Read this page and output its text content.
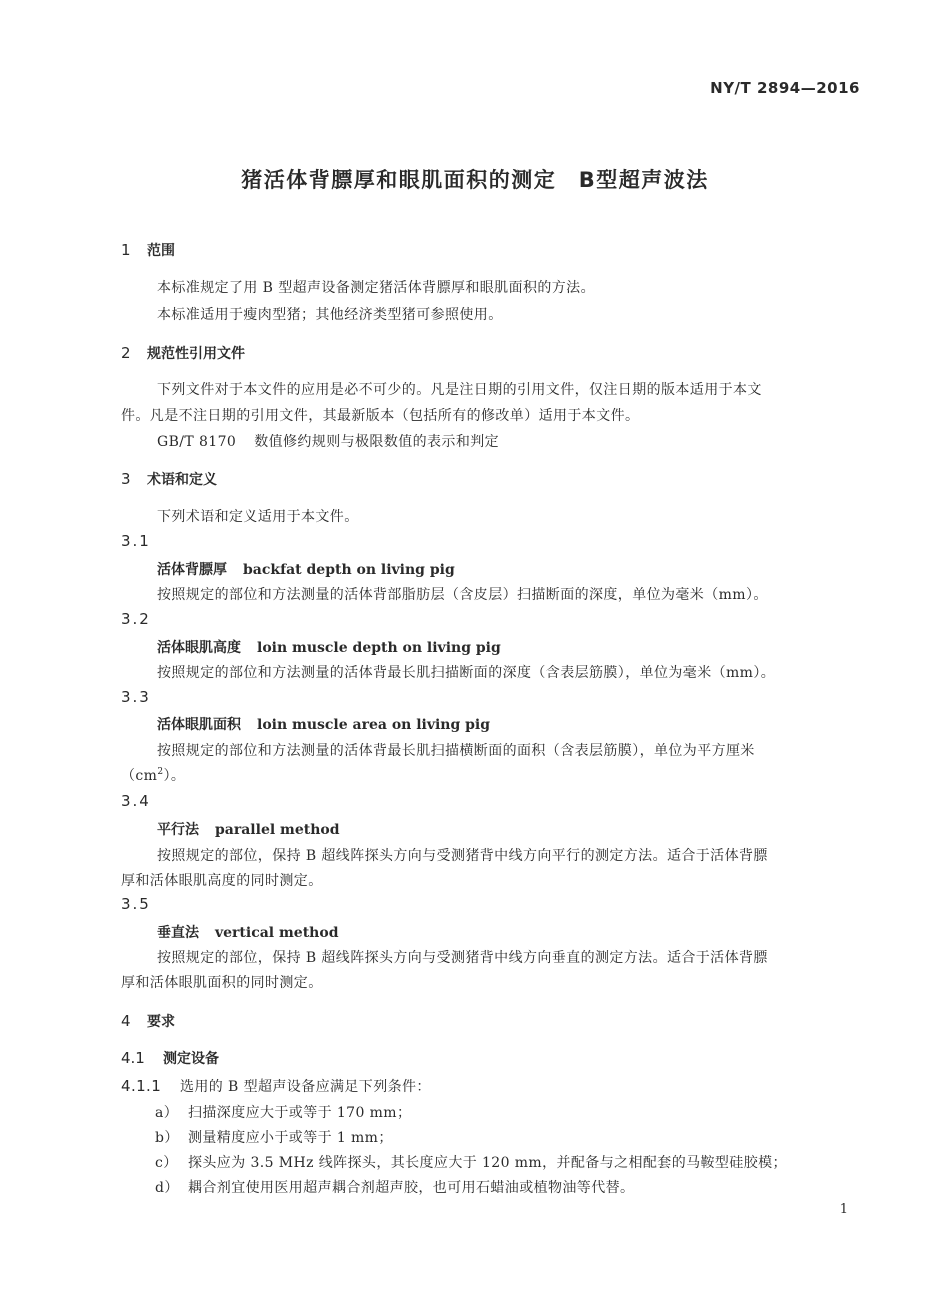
NY/T 2894—2016
猪活体背膘厚和眼肌面积的测定　B型超声波法
1 范围
本标准规定了用 B 型超声设备测定猪活体背膘厚和眼肌面积的方法。
本标准适用于瘦肉型猪；其他经济类型猪可参照使用。
2 规范性引用文件
下列文件对于本文件的应用是必不可少的。凡是注日期的引用文件，仅注日期的版本适用于本文
件。凡是不注日期的引用文件，其最新版本（包括所有的修改单）适用于本文件。
GB/T 8170 数值修约规则与极限数值的表示和判定
3 术语和定义
下列术语和定义适用于本文件。
3.1
活体背膘厚 backfat depth on living pig
按照规定的部位和方法测量的活体背部脂肪层（含皮层）扫描断面的深度，单位为毫米（mm）。
3.2
活体眼肌高度 loin muscle depth on living pig
按照规定的部位和方法测量的活体背最长肌扫描断面的深度（含表层筋膜），单位为毫米（mm）。
3.3
活体眼肌面积 loin muscle area on living pig
按照规定的部位和方法测量的活体背最长肌扫描横断面的面积（含表层筋膜），单位为平方厘米
$(cm^2)$。
3.4
平行法 parallel method
按照规定的部位，保持 B 超线阵探头方向与受测猪背中线方向平行的测定方法。适合于活体背膘
厚和活体眼肌高度的同时测定。
3.5
垂直法 vertical method
按照规定的部位，保持 B 超线阵探头方向与受测猪背中线方向垂直的测定方法。适合于活体背膘
厚和活体眼肌面积的同时测定。
4 要求
4.1 测定设备
4.1.1 选用的 B 型超声设备应满足下列条件：
a） 扫描深度应大于或等于 170 mm；
b） 测量精度应小于或等于 1 mm；
c） 探头应为 3.5 MHz 线阵探头，其长度应大于 120 mm，并配备与之相配套的马鞍型硅胶模；
d） 耦合剂宜使用医用超声耦合剂超声胶，也可用石蜡油或植物油等代替。
1
